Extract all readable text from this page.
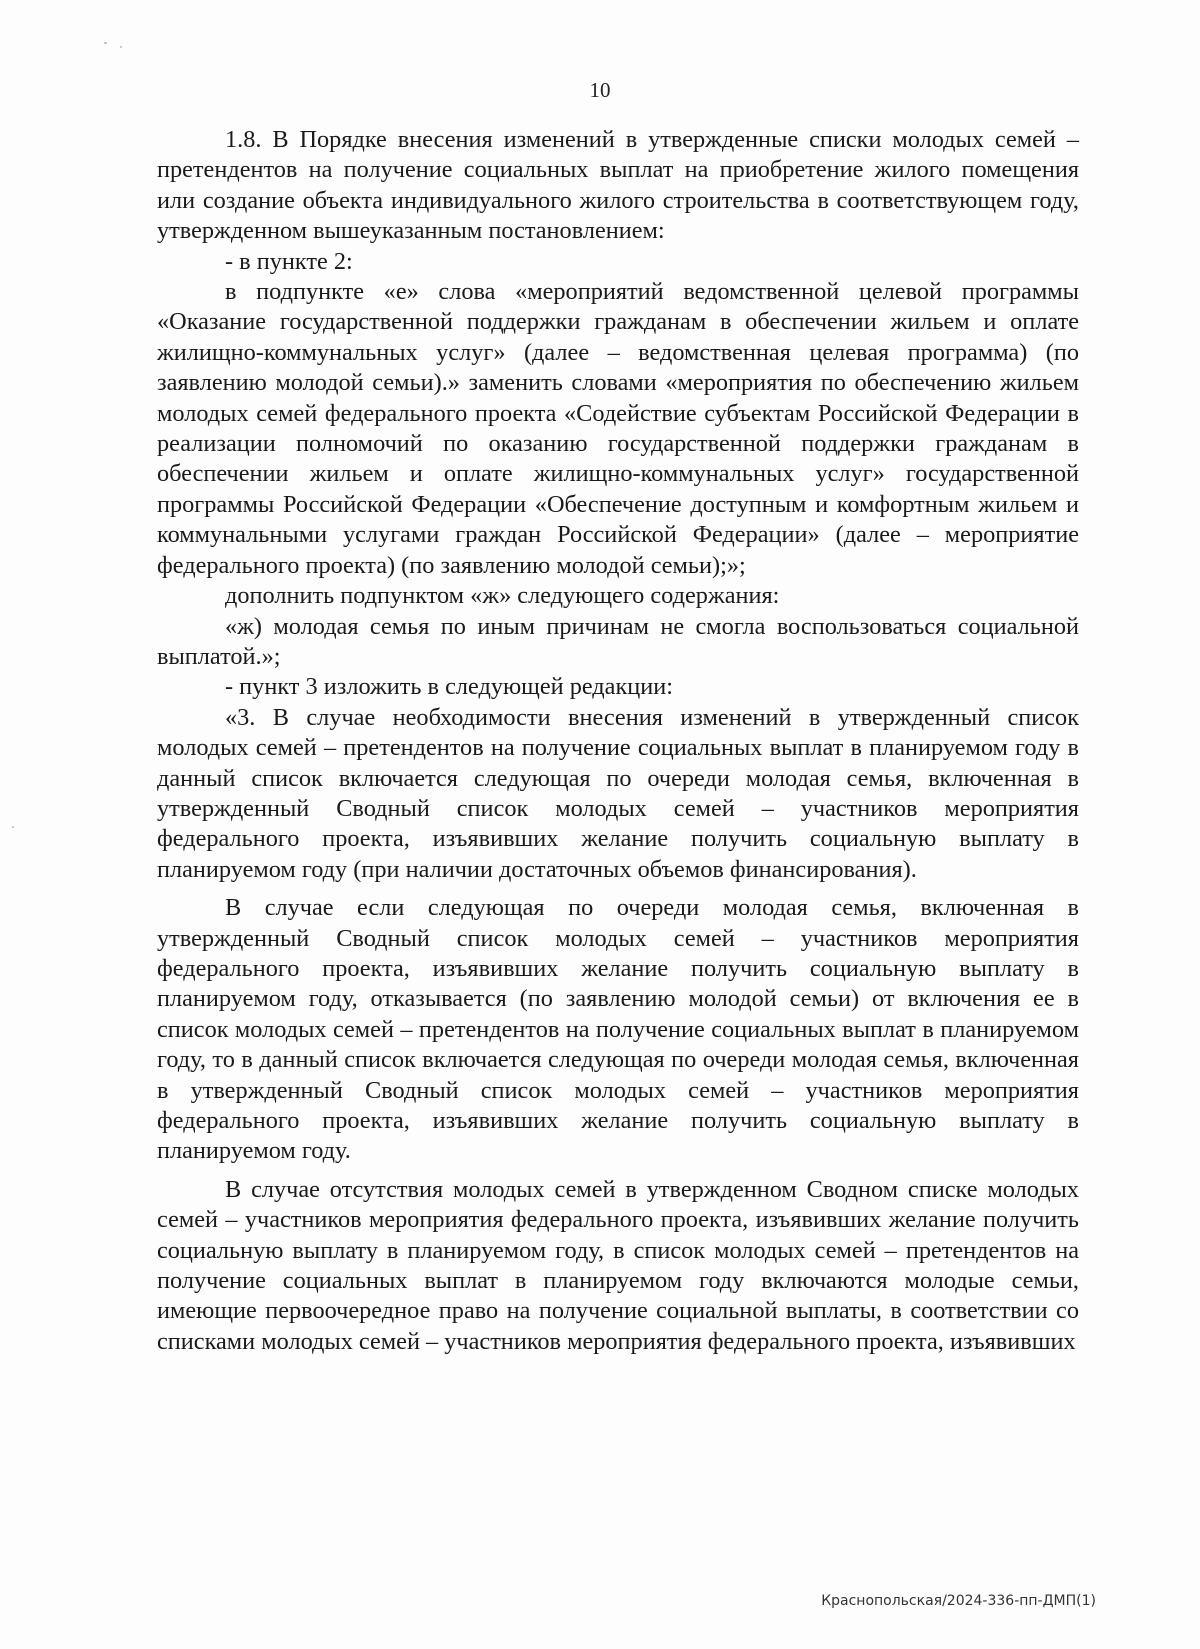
10

1.8. В Порядке внесения изменений в утвержденные списки молодых семей – претендентов на получение социальных выплат на приобретение жилого помещения или создание объекта индивидуального жилого строительства в соответствующем году, утвержденном вышеуказанным постановлением:

- в пункте 2:

в подпункте «е» слова «мероприятий ведомственной целевой программы «Оказание государственной поддержки гражданам в обеспечении жильем и оплате жилищно-коммунальных услуг» (далее – ведомственная целевая программа) (по заявлению молодой семьи).» заменить словами «мероприятия по обеспечению жильем молодых семей федерального проекта «Содействие субъектам Российской Федерации в реализации полномочий по оказанию государственной поддержки гражданам в обеспечении жильем и оплате жилищно-коммунальных услуг» государственной программы Российской Федерации «Обеспечение доступным и комфортным жильем и коммунальными услугами граждан Российской Федерации» (далее – мероприятие федерального проекта) (по заявлению молодой семьи);»;

дополнить подпунктом «ж» следующего содержания:

«ж) молодая семья по иным причинам не смогла воспользоваться социальной выплатой.»;

- пункт 3 изложить в следующей редакции:

«3. В случае необходимости внесения изменений в утвержденный список молодых семей – претендентов на получение социальных выплат в планируемом году в данный список включается следующая по очереди молодая семья, включенная в утвержденный Сводный список молодых семей – участников мероприятия федерального проекта, изъявивших желание получить социальную выплату в планируемом году (при наличии достаточных объемов финансирования).

В случае если следующая по очереди молодая семья, включенная в утвержденный Сводный список молодых семей – участников мероприятия федерального проекта, изъявивших желание получить социальную выплату в планируемом году, отказывается (по заявлению молодой семьи) от включения ее в список молодых семей – претендентов на получение социальных выплат в планируемом году, то в данный список включается следующая по очереди молодая семья, включенная в утвержденный Сводный список молодых семей – участников мероприятия федерального проекта, изъявивших желание получить социальную выплату в планируемом году.

В случае отсутствия молодых семей в утвержденном Сводном списке молодых семей – участников мероприятия федерального проекта, изъявивших желание получить социальную выплату в планируемом году, в список молодых семей – претендентов на получение социальных выплат в планируемом году включаются молодые семьи, имеющие первоочередное право на получение социальной выплаты, в соответствии со списками молодых семей – участников мероприятия федерального проекта, изъявивших

Краснопольская/2024-336-пп-ДМП(1)
